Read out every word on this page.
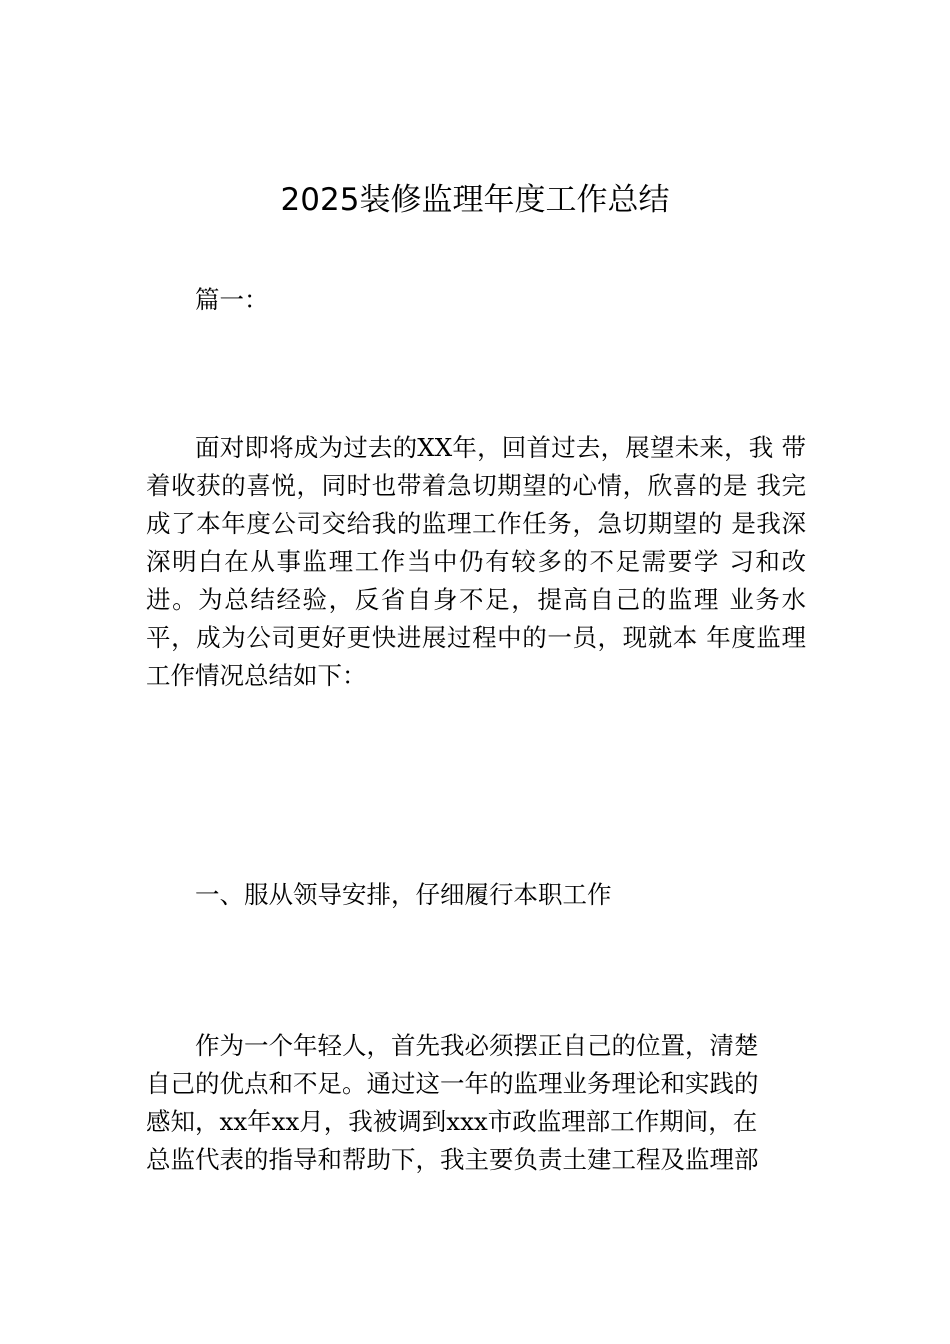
2025装修监理年度工作总结
篇一：
面对即将成为过去的XX年，回首过去，展望未来，我 带着收获的喜悦，同时也带着急切期望的心情，欣喜的是 我完成了本年度公司交给我的监理工作任务，急切期望的 是我深深明白在从事监理工作当中仍有较多的不足需要学 习和改进。为总结经验，反省自身不足，提高自己的监理 业务水平，成为公司更好更快进展过程中的一员，现就本 年度监理工作情况总结如下：
一、服从领导安排，仔细履行本职工作
作为一个年轻人，首先我必须摆正自己的位置，清楚
自己的优点和不足。通过这一年的监理业务理论和实践的
感知，xx年xx月，我被调到xxx市政监理部工作期间，在
总监代表的指导和帮助下，我主要负责土建工程及监理部
